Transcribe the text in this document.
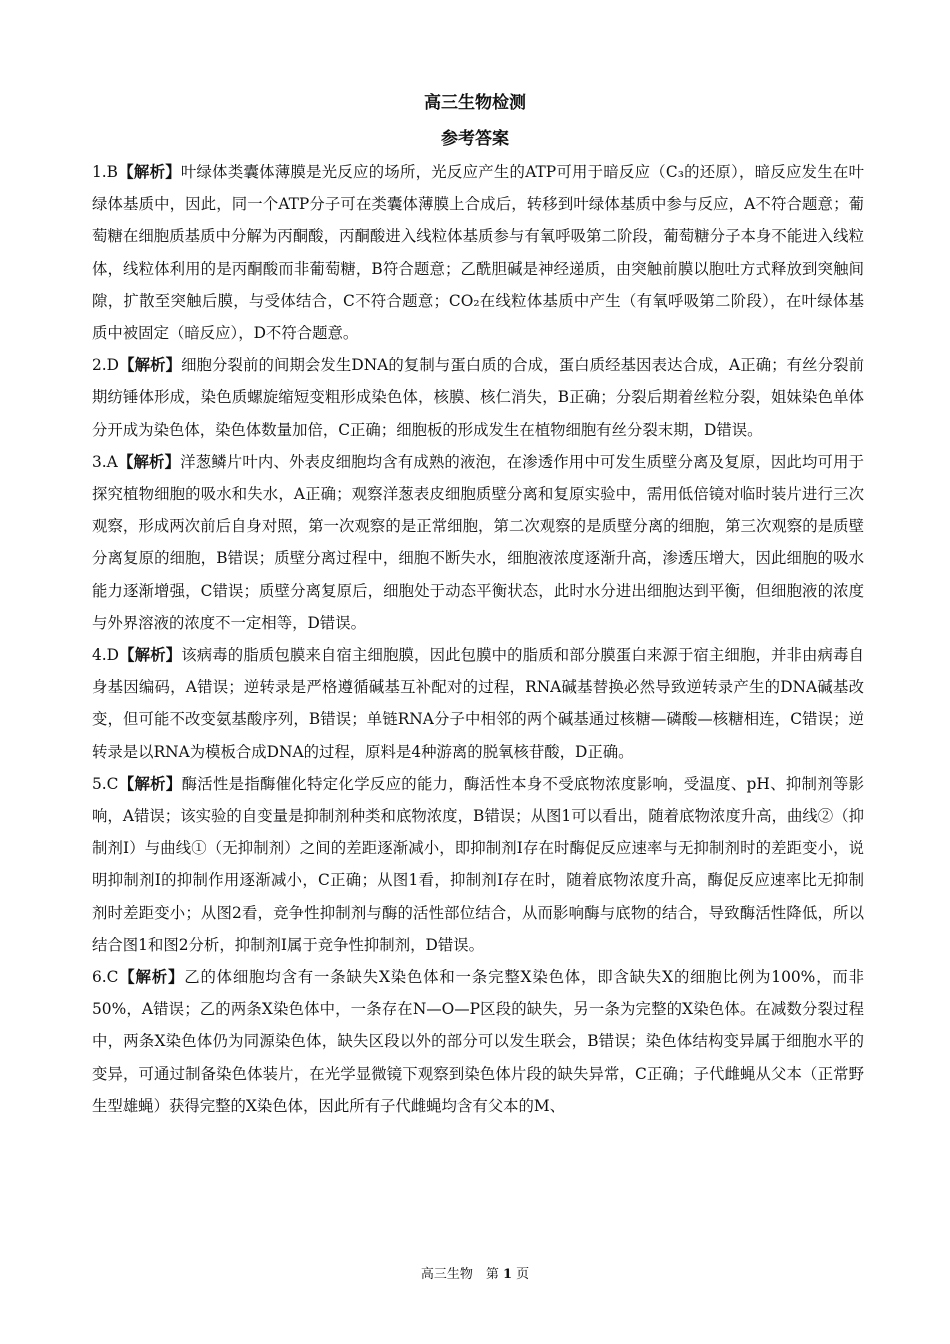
高三生物检测
参考答案

1.B【解析】叶绿体类囊体薄膜是光反应的场所，光反应产生的ATP可用于暗反应（C₃的还原），暗反应发生在叶绿体基质中，因此，同一个ATP分子可在类囊体薄膜上合成后，转移到叶绿体基质中参与反应，A不符合题意；葡萄糖在细胞质基质中分解为丙酮酸，丙酮酸进入线粒体基质参与有氧呼吸第二阶段，葡萄糖分子本身不能进入线粒体，线粒体利用的是丙酮酸而非葡萄糖，B符合题意；乙酰胆碱是神经递质，由突触前膜以胞吐方式释放到突触间隙，扩散至突触后膜，与受体结合，C不符合题意；CO₂在线粒体基质中产生（有氧呼吸第二阶段），在叶绿体基质中被固定（暗反应），D不符合题意。

2.D【解析】细胞分裂前的间期会发生DNA的复制与蛋白质的合成，蛋白质经基因表达合成，A正确；有丝分裂前期纺锤体形成，染色质螺旋缩短变粗形成染色体，核膜、核仁消失，B正确；分裂后期着丝粒分裂，姐妹染色单体分开成为染色体，染色体数量加倍，C正确；细胞板的形成发生在植物细胞有丝分裂末期，D错误。

3.A【解析】洋葱鳞片叶内、外表皮细胞均含有成熟的液泡，在渗透作用中可发生质壁分离及复原，因此均可用于探究植物细胞的吸水和失水，A正确；观察洋葱表皮细胞质壁分离和复原实验中，需用低倍镜对临时装片进行三次观察，形成两次前后自身对照，第一次观察的是正常细胞，第二次观察的是质壁分离的细胞，第三次观察的是质壁分离复原的细胞，B错误；质壁分离过程中，细胞不断失水，细胞液浓度逐渐升高，渗透压增大，因此细胞的吸水能力逐渐增强，C错误；质壁分离复原后，细胞处于动态平衡状态，此时水分进出细胞达到平衡，但细胞液的浓度与外界溶液的浓度不一定相等，D错误。

4.D【解析】该病毒的脂质包膜来自宿主细胞膜，因此包膜中的脂质和部分膜蛋白来源于宿主细胞，并非由病毒自身基因编码，A错误；逆转录是严格遵循碱基互补配对的过程，RNA碱基替换必然导致逆转录产生的DNA碱基改变，但可能不改变氨基酸序列，B错误；单链RNA分子中相邻的两个碱基通过核糖—磷酸—核糖相连，C错误；逆转录是以RNA为模板合成DNA的过程，原料是4种游离的脱氧核苷酸，D正确。

5.C【解析】酶活性是指酶催化特定化学反应的能力，酶活性本身不受底物浓度影响，受温度、pH、抑制剂等影响，A错误；该实验的自变量是抑制剂种类和底物浓度，B错误；从图1可以看出，随着底物浓度升高，曲线②（抑制剂Ⅰ）与曲线①（无抑制剂）之间的差距逐渐减小，即抑制剂Ⅰ存在时酶促反应速率与无抑制剂时的差距变小，说明抑制剂Ⅰ的抑制作用逐渐减小，C正确；从图1看，抑制剂Ⅰ存在时，随着底物浓度升高，酶促反应速率比无抑制剂时差距变小；从图2看，竞争性抑制剂与酶的活性部位结合，从而影响酶与底物的结合，导致酶活性降低，所以结合图1和图2分析，抑制剂Ⅰ属于竞争性抑制剂，D错误。

6.C【解析】乙的体细胞均含有一条缺失X染色体和一条完整X染色体，即含缺失X的细胞比例为100%，而非50%，A错误；乙的两条X染色体中，一条存在N—O—P区段的缺失，另一条为完整的X染色体。在减数分裂过程中，两条X染色体仍为同源染色体，缺失区段以外的部分可以发生联会，B错误；染色体结构变异属于细胞水平的变异，可通过制备染色体装片，在光学显微镜下观察到染色体片段的缺失异常，C正确；子代雌蝇从父本（正常野生型雄蝇）获得完整的X染色体，因此所有子代雌蝇均含有父本的M、

高三生物　第 1 页
